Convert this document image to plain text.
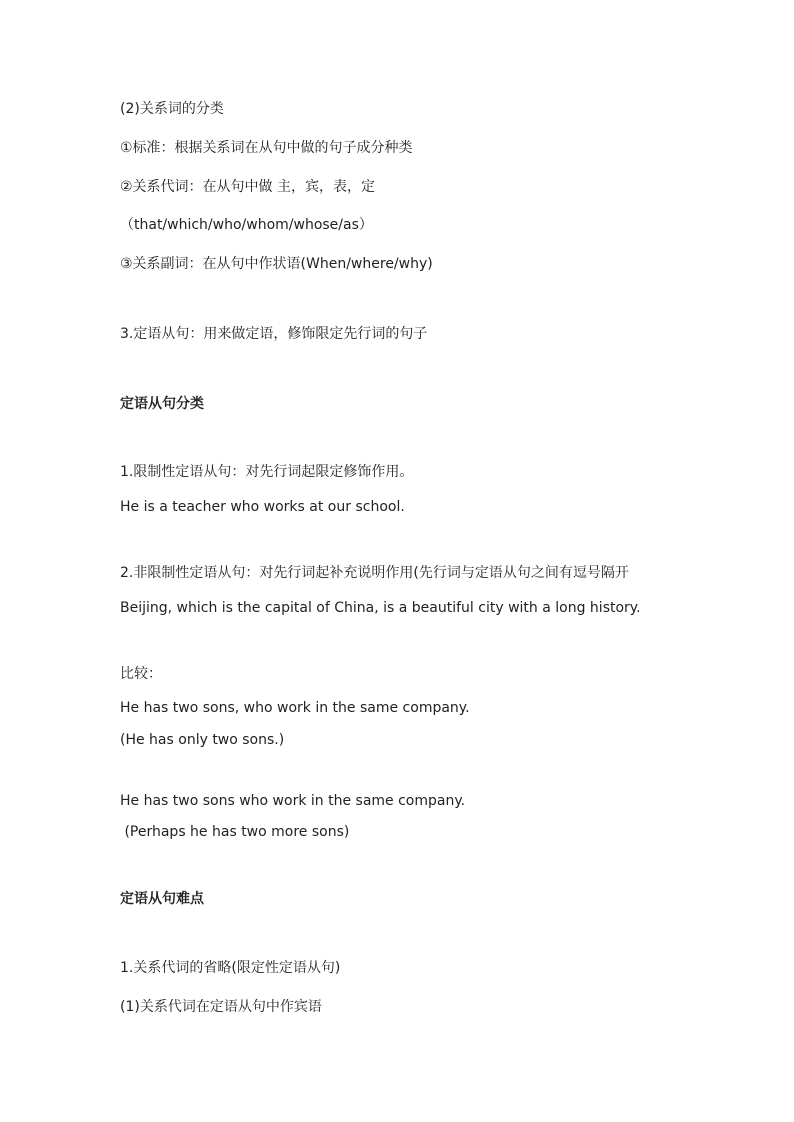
(2)关系词的分类
①标准：根据关系词在从句中做的句子成分种类
②关系代词：在从句中做 主，宾，表，定
（that/which/who/whom/whose/as）
③关系副词：在从句中作状语(When/where/why)
3.定语从句：用来做定语，修饰限定先行词的句子
定语从句分类
1.限制性定语从句：对先行词起限定修饰作用。
He is a teacher who works at our school.
2.非限制性定语从句：对先行词起补充说明作用(先行词与定语从句之间有逗号隔开
Beijing, which is the capital of China, is a beautiful city with a long history.
比较：
He has two sons, who work in the same company.
(He has only two sons.)
He has two sons who work in the same company.
(Perhaps he has two more sons)
定语从句难点
1.关系代词的省略(限定性定语从句)
(1)关系代词在定语从句中作宾语
